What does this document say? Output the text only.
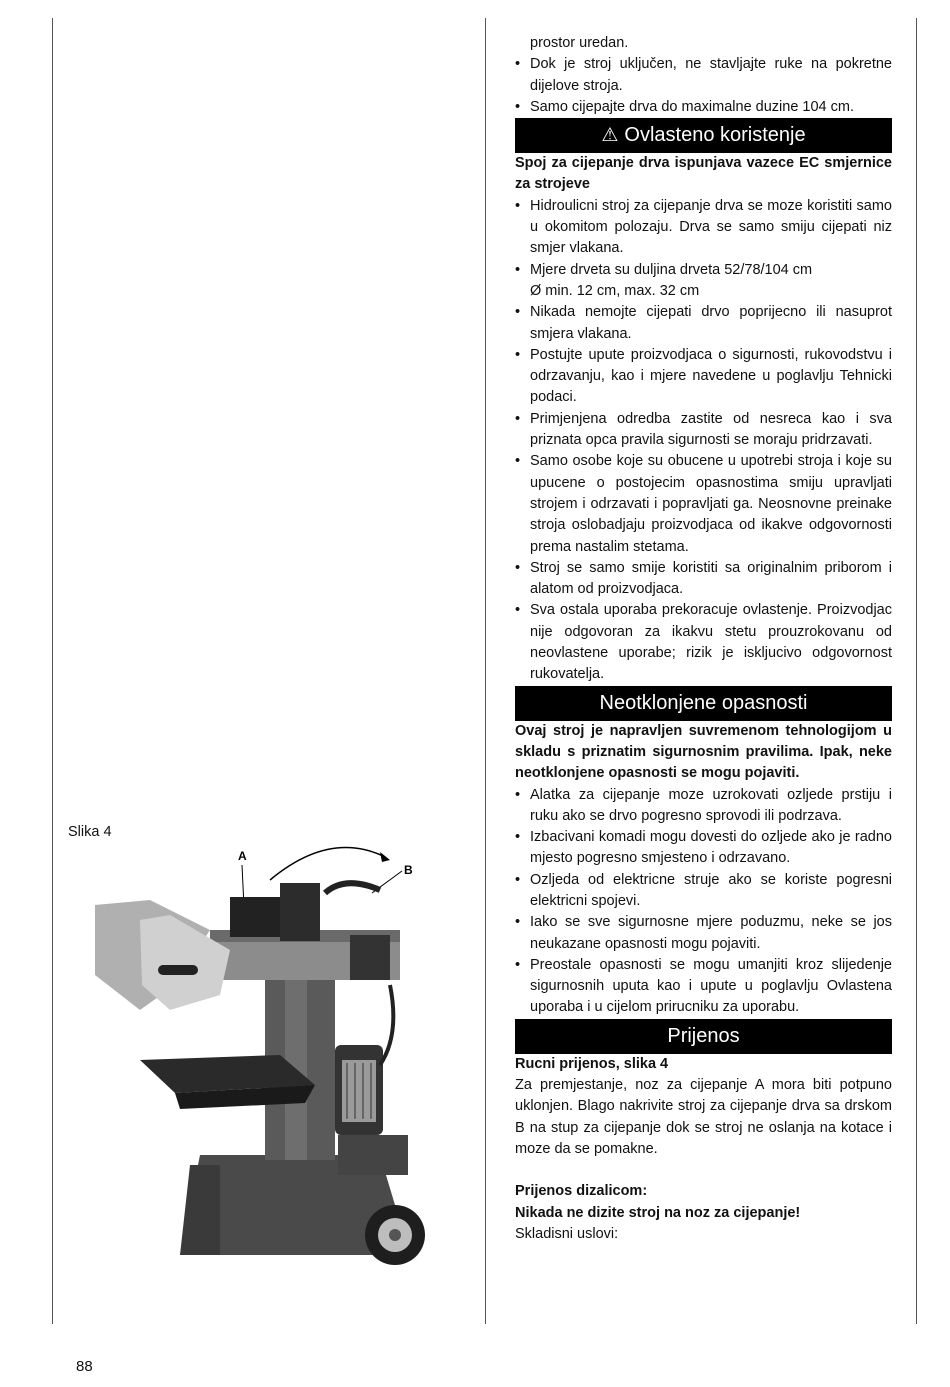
Slika 4
A
B
88

prostor uredan.

• Dok je stroj uključen, ne stavljajte ruke na pokretne dijelove stroja.
• Samo cijepajte drva do maximalne duzine 104 cm.
⚠ Ovlasteno koristenje

Spoj za cijepanje drva ispunjava vazece EC smjernice za strojeve

• Hidroulicni stroj za cijepanje drva se moze koristiti samo u okomitom polozaju. Drva se samo smiju cijepati niz smjer vlakana.
• Mjere drveta su duljina drveta 52/78/104 cm
Ø min. 12 cm, max. 32 cm
• Nikada nemojte cijepati drvo poprijecno ili nasuprot smjera vlakana.
• Postujte upute proizvodjaca o sigurnosti, rukovodstvu i odrzavanju, kao i mjere navedene u poglavlju Tehnicki podaci.
• Primjenjena odredba zastite od nesreca kao i sva priznata opca pravila sigurnosti se moraju pridrzavati.
• Samo osobe koje su obucene u upotrebi stroja i koje su upucene o postojecim opasnostima smiju upravljati strojem i odrzavati i popravljati ga. Neosnovne preinake stroja oslobadjaju proizvodjaca od ikakve odgovornosti prema nastalim stetama.
• Stroj se samo smije koristiti sa originalnim priborom i alatom od proizvodjaca.
• Sva ostala uporaba prekoracuje ovlastenje. Proizvodjac nije odgovoran za ikakvu stetu prouzrokovanu od neovlastene uporabe; rizik je iskljucivo odgovornost rukovatelja.
Neotklonjene opasnosti

Ovaj stroj je napravljen suvremenom tehnologijom u skladu s priznatim sigurnosnim pravilima. Ipak, neke neotklonjene opasnosti se mogu pojaviti.

• Alatka za cijepanje moze uzrokovati ozljede prstiju i ruku ako se drvo pogresno sprovodi ili podrzava.
• Izbacivani komadi mogu dovesti do ozljede ako je radno mjesto pogresno smjesteno i odrzavano.
• Ozljeda od elektricne struje ako se koriste pogresni elektricni spojevi.
• Iako se sve sigurnosne mjere poduzmu, neke se jos neukazane opasnosti mogu pojaviti.
• Preostale opasnosti se mogu umanjiti kroz slijedenje sigurnosnih uputa kao i upute u poglavlju Ovlastena uporaba i u cijelom prirucniku za uporabu.
Prijenos

Rucni prijenos, slika 4

Za premjestanje, noz za cijepanje A mora biti potpuno uklonjen. Blago nakrivite stroj za cijepanje drva sa drskom B na stup za cijepanje dok se stroj ne oslanja na kotace i moze da se pomakne.

Prijenos dizalicom:

Nikada ne dizite stroj na noz za cijepanje!

Skladisni uslovi:
